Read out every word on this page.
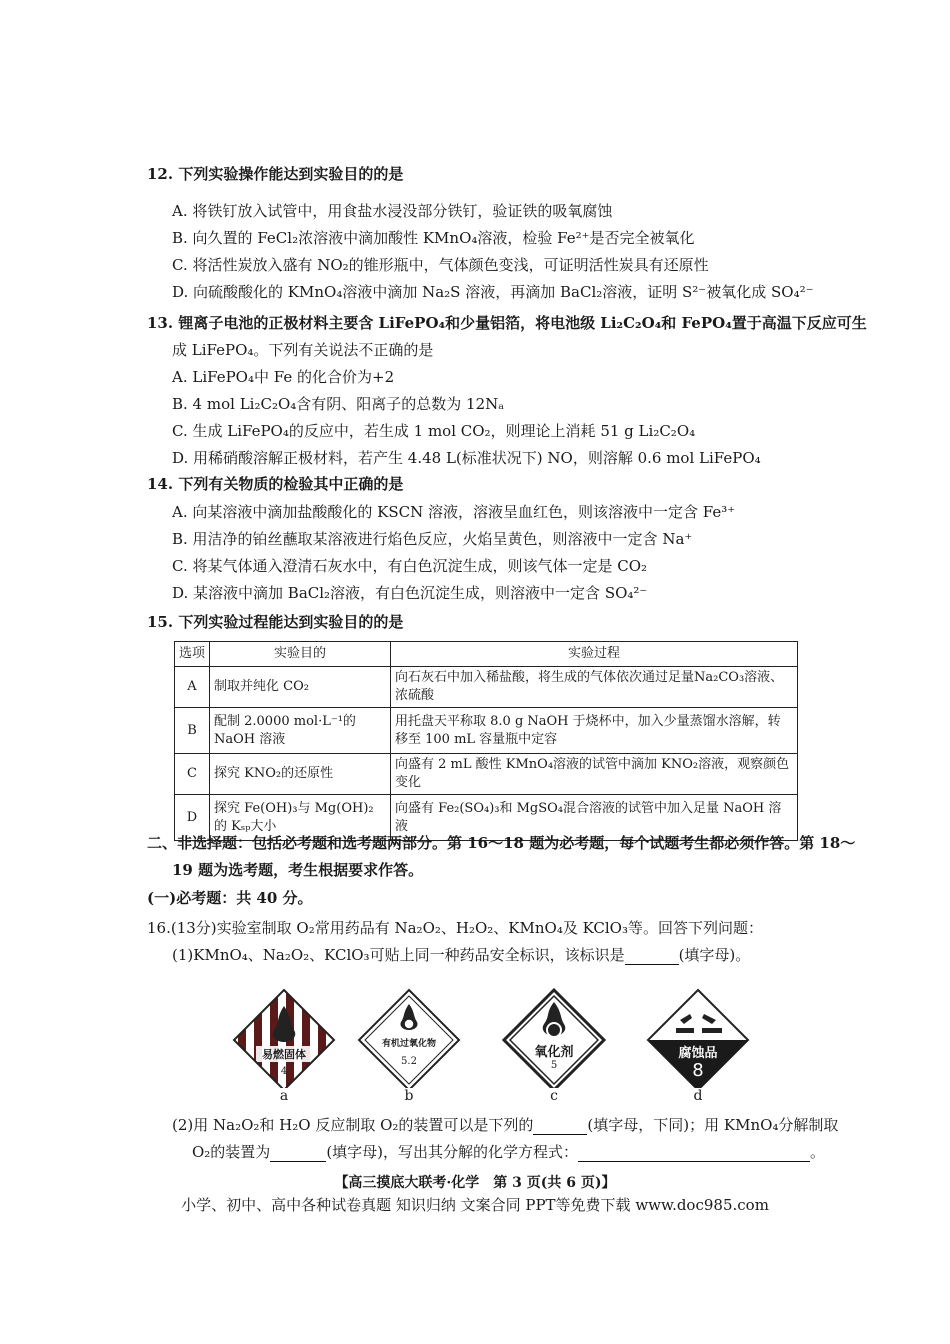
12. 下列实验操作能达到实验目的的是
A. 将铁钉放入试管中，用食盐水浸没部分铁钉，验证铁的吸氧腐蚀
B. 向久置的 FeCl₂浓溶液中滴加酸性 KMnO₄溶液，检验 Fe²⁺是否完全被氧化
C. 将活性炭放入盛有 NO₂的锥形瓶中，气体颜色变浅，可证明活性炭具有还原性
D. 向硫酸酸化的 KMnO₄溶液中滴加 Na₂S 溶液，再滴加 BaCl₂溶液，证明 S²⁻被氧化成 SO₄²⁻
13. 锂离子电池的正极材料主要含 LiFePO₄和少量铝箔，将电池级 Li₂C₂O₄和 FePO₄置于高温下反应可生
成 LiFePO₄。下列有关说法不正确的是
A. LiFePO₄中 Fe 的化合价为+2
B. 4 mol Li₂C₂O₄含有阴、阳离子的总数为 12Nₐ
C. 生成 LiFePO₄的反应中，若生成 1 mol CO₂，则理论上消耗 51 g Li₂C₂O₄
D. 用稀硝酸溶解正极材料，若产生 4.48 L(标准状况下) NO，则溶解 0.6 mol LiFePO₄
14. 下列有关物质的检验其中正确的是
A. 向某溶液中滴加盐酸酸化的 KSCN 溶液，溶液呈血红色，则该溶液中一定含 Fe³⁺
B. 用洁净的铂丝蘸取某溶液进行焰色反应，火焰呈黄色，则溶液中一定含 Na⁺
C. 将某气体通入澄清石灰水中，有白色沉淀生成，则该气体一定是 CO₂
D. 某溶液中滴加 BaCl₂溶液，有白色沉淀生成，则溶液中一定含 SO₄²⁻
15. 下列实验过程能达到实验目的的是
选项	实验目的	实验过程
A	制取并纯化 CO₂	向石灰石中加入稀盐酸，将生成的气体依次通过足量Na₂CO₃溶液、浓硫酸
B	配制 2.0000 mol·L⁻¹的 NaOH 溶液	用托盘天平称取 8.0 g NaOH 于烧杯中，加入少量蒸馏水溶解，转移至 100 mL 容量瓶中定容
C	探究 KNO₂的还原性	向盛有 2 mL 酸性 KMnO₄溶液的试管中滴加 KNO₂溶液，观察颜色变化
D	探究 Fe(OH)₃与 Mg(OH)₂的 Kₛₚ大小	向盛有 Fe₂(SO₄)₃和 MgSO₄混合溶液的试管中加入足量 NaOH 溶液
二、非选择题：包括必考题和选考题两部分。第 16～18 题为必考题，每个试题考生都必须作答。第 18～
19 题为选考题，考生根据要求作答。
(一)必考题：共 40 分。
16.(13分)实验室制取 O₂常用药品有 Na₂O₂、H₂O₂、KMnO₄及 KClO₃等。回答下列问题：
(1)KMnO₄、Na₂O₂、KClO₃可贴上同一种药品安全标识，该标识是	(填字母)。
易燃固体
4
a
有机过氧化物
5.2
b
氧化剂
5
c
腐蚀品
8
d
(2)用 Na₂O₂和 H₂O 反应制取 O₂的装置可以是下列的	(填字母，下同)；用 KMnO₄分解制取
O₂的装置为	(填字母)，写出其分解的化学方程式：	。
【高三摸底大联考·化学　第 3 页(共 6 页)】
小学、初中、高中各种试卷真题 知识归纳 文案合同 PPT等免费下载 www.doc985.com
